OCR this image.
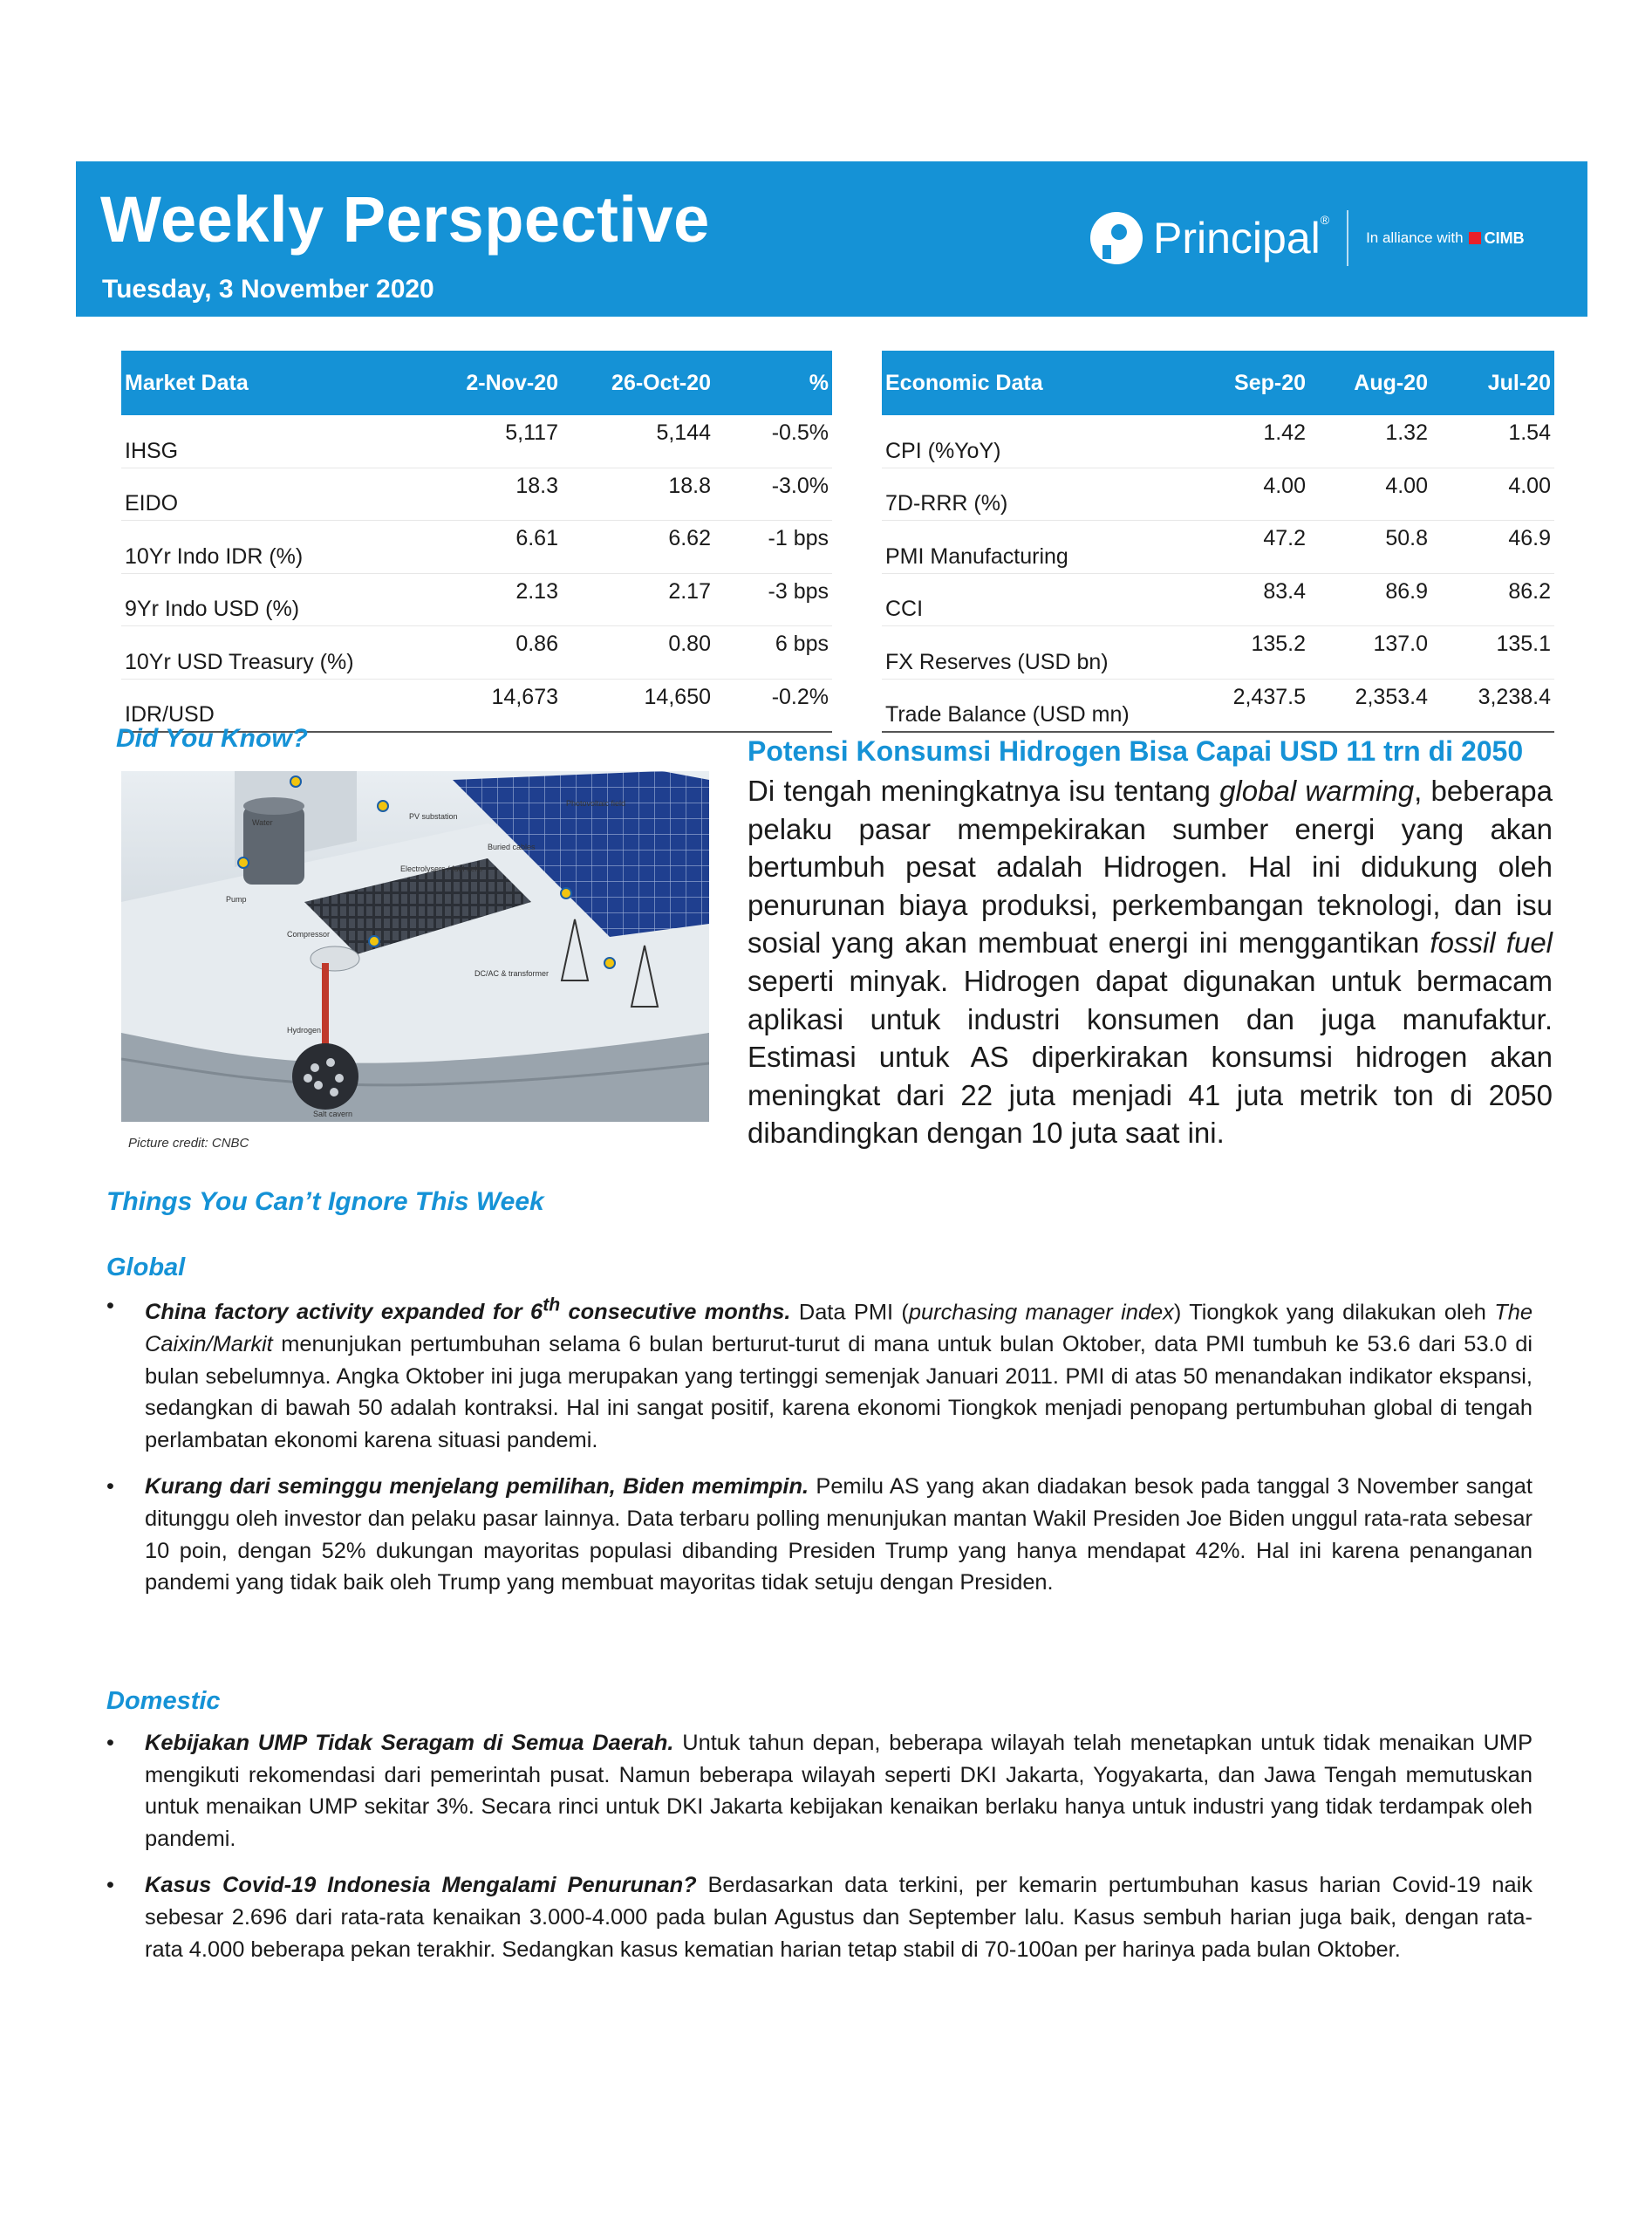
Weekly Perspective
Tuesday, 3 November 2020
Principal®
In alliance with CIMB
Market Data	2-Nov-20	26-Oct-20	%
IHSG	5,117	5,144	-0.5%
EIDO	18.3	18.8	-3.0%
10Yr Indo IDR (%)	6.61	6.62	-1 bps
9Yr Indo USD (%)	2.13	2.17	-3 bps
10Yr USD Treasury (%)	0.86	0.80	6 bps
IDR/USD	14,673	14,650	-0.2%
Economic Data	Sep-20	Aug-20	Jul-20
CPI (%YoY)	1.42	1.32	1.54
7D-RRR (%)	4.00	4.00	4.00
PMI Manufacturing	47.2	50.8	46.9
CCI	83.4	86.9	86.2
FX Reserves (USD bn)	135.2	137.0	135.1
Trade Balance (USD mn)	2,437.5	2,353.4	3,238.4
Did You Know?
Water
Pump
Compressor
Electrolysers / fuel cells
Buried cables
DC/AC & transformer
Hydrogen
Salt cavern
Photovoltaic field
PV substation
Picture credit: CNBC
Potensi Konsumsi Hidrogen Bisa Capai USD 11 trn di 2050
Di tengah meningkatnya isu tentang global warming, beberapa pelaku pasar mempekirakan sumber energi yang akan bertumbuh pesat adalah Hidrogen. Hal ini didukung oleh penurunan biaya produksi, perkembangan teknologi, dan isu sosial yang akan membuat energi ini menggantikan fossil fuel seperti minyak. Hidrogen dapat digunakan untuk bermacam aplikasi untuk industri konsumen dan juga manufaktur. Estimasi untuk AS diperkirakan konsumsi hidrogen akan meningkat dari 22 juta menjadi 41 juta metrik ton di 2050 dibandingkan dengan 10 juta saat ini.
Things You Can’t Ignore This Week
Global
• China factory activity expanded for 6th consecutive months. Data PMI (purchasing manager index) Tiongkok yang dilakukan oleh The Caixin/Markit menunjukan pertumbuhan selama 6 bulan berturut-turut di mana untuk bulan Oktober, data PMI tumbuh ke 53.6 dari 53.0 di bulan sebelumnya. Angka Oktober ini juga merupakan yang tertinggi semenjak Januari 2011. PMI di atas 50 menandakan indikator ekspansi, sedangkan di bawah 50 adalah kontraksi. Hal ini sangat positif, karena ekonomi Tiongkok menjadi penopang pertumbuhan global di tengah perlambatan ekonomi karena situasi pandemi.
• Kurang dari seminggu menjelang pemilihan, Biden memimpin. Pemilu AS yang akan diadakan besok pada tanggal 3 November sangat ditunggu oleh investor dan pelaku pasar lainnya. Data terbaru polling menunjukan mantan Wakil Presiden Joe Biden unggul rata-rata sebesar 10 poin, dengan 52% dukungan mayoritas populasi dibanding Presiden Trump yang hanya mendapat 42%. Hal ini karena penanganan pandemi yang tidak baik oleh Trump yang membuat mayoritas tidak setuju dengan Presiden.
Domestic
• Kebijakan UMP Tidak Seragam di Semua Daerah. Untuk tahun depan, beberapa wilayah telah menetapkan untuk tidak menaikan UMP mengikuti rekomendasi dari pemerintah pusat. Namun beberapa wilayah seperti DKI Jakarta, Yogyakarta, dan Jawa Tengah memutuskan untuk menaikan UMP sekitar 3%. Secara rinci untuk DKI Jakarta kebijakan kenaikan berlaku hanya untuk industri yang tidak terdampak oleh pandemi.
• Kasus Covid-19 Indonesia Mengalami Penurunan? Berdasarkan data terkini, per kemarin pertumbuhan kasus harian Covid-19 naik sebesar 2.696 dari rata-rata kenaikan 3.000-4.000 pada bulan Agustus dan September lalu. Kasus sembuh harian juga baik, dengan rata-rata 4.000 beberapa pekan terakhir. Sedangkan kasus kematian harian tetap stabil di 70-100an per harinya pada bulan Oktober.
